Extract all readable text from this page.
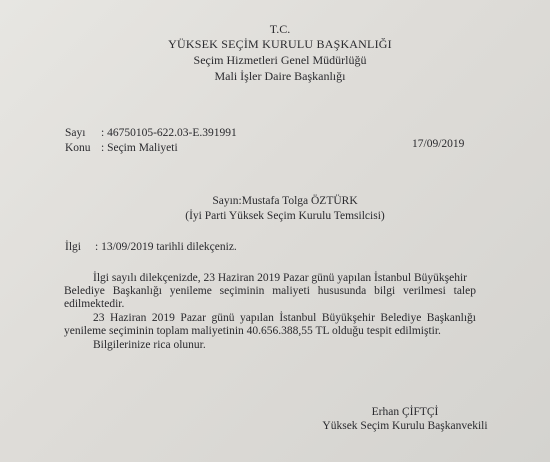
T.C.
YÜKSEK SEÇİM KURULU BAŞKANLIĞI
Seçim Hizmetleri Genel Müdürlüğü
Mali İşler Daire Başkanlığı
Sayı : 46750105-622.03-E.391991
17/09/2019
Konu : Seçim Maliyeti
Sayın:Mustafa Tolga ÖZTÜRK
(İyi Parti Yüksek Seçim Kurulu Temsilcisi)
İlgi : 13/09/2019 tarihli dilekçeniz.
İlgi sayılı dilekçenizde, 23 Haziran 2019 Pazar günü yapılan İstanbul Büyükşehir
Belediye Başkanlığı yenileme seçiminin maliyeti hususunda bilgi verilmesi talep
edilmektedir.
23 Haziran 2019 Pazar günü yapılan İstanbul Büyükşehir Belediye Başkanlığı
yenileme seçiminin toplam maliyetinin 40.656.388,55 TL olduğu tespit edilmiştir.
Bilgilerinize rica olunur.
Erhan ÇİFTÇİ
Yüksek Seçim Kurulu Başkanvekili
